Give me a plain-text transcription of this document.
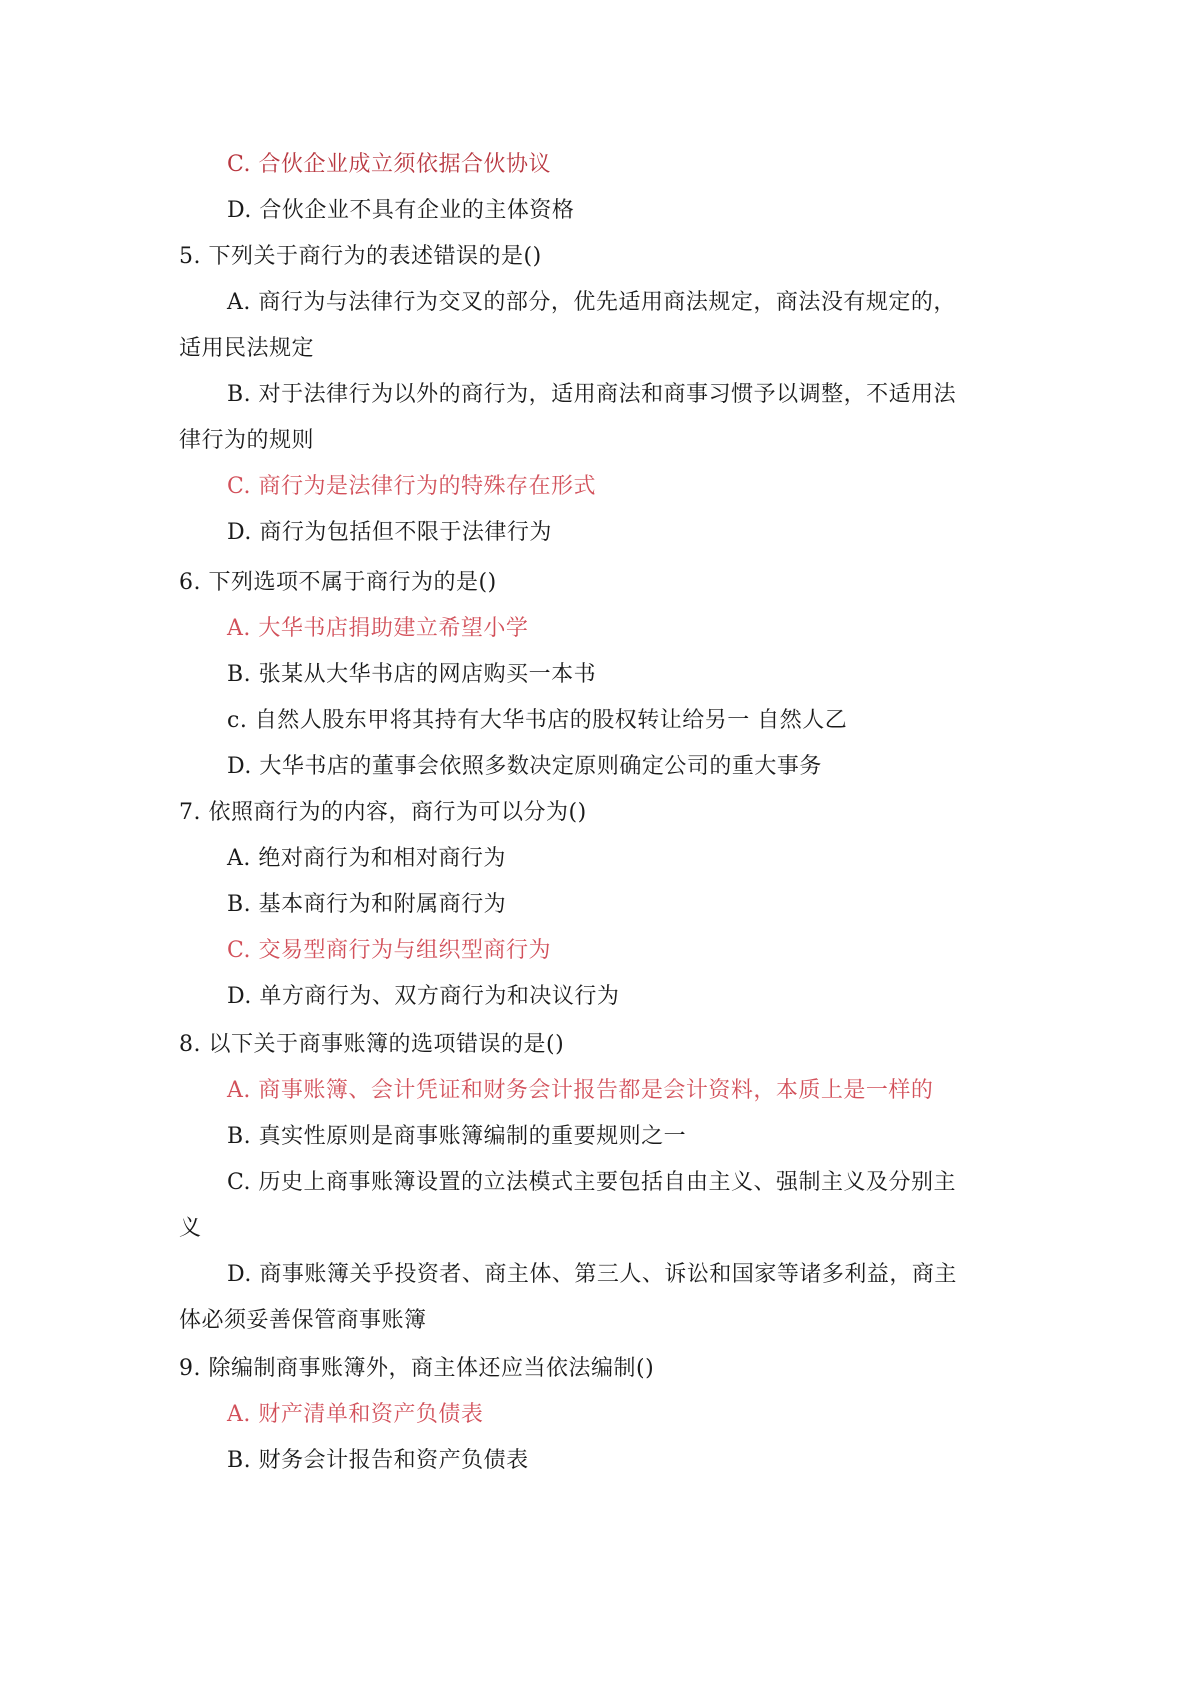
C. 合伙企业成立须依据合伙协议
D. 合伙企业不具有企业的主体资格
5. 下列关于商行为的表述错误的是()
A. 商行为与法律行为交叉的部分，优先适用商法规定，商法没有规定的，
适用民法规定
B. 对于法律行为以外的商行为，适用商法和商事习惯予以调整，不适用法
律行为的规则
C. 商行为是法律行为的特殊存在形式
D. 商行为包括但不限于法律行为
6. 下列选项不属于商行为的是()
A. 大华书店捐助建立希望小学
B. 张某从大华书店的网店购买一本书
c. 自然人股东甲将其持有大华书店的股权转让给另一 自然人乙
D. 大华书店的董事会依照多数决定原则确定公司的重大事务
7. 依照商行为的内容，商行为可以分为()
A. 绝对商行为和相对商行为
B. 基本商行为和附属商行为
C. 交易型商行为与组织型商行为
D. 单方商行为、双方商行为和决议行为
8. 以下关于商事账簿的选项错误的是()
A. 商事账簿、会计凭证和财务会计报告都是会计资料，本质上是一样的
B. 真实性原则是商事账簿编制的重要规则之一
C. 历史上商事账簿设置的立法模式主要包括自由主义、强制主义及分别主
义
D. 商事账簿关乎投资者、商主体、第三人、诉讼和国家等诸多利益，商主
体必须妥善保管商事账簿
9. 除编制商事账簿外，商主体还应当依法编制()
A. 财产清单和资产负债表
B. 财务会计报告和资产负债表
